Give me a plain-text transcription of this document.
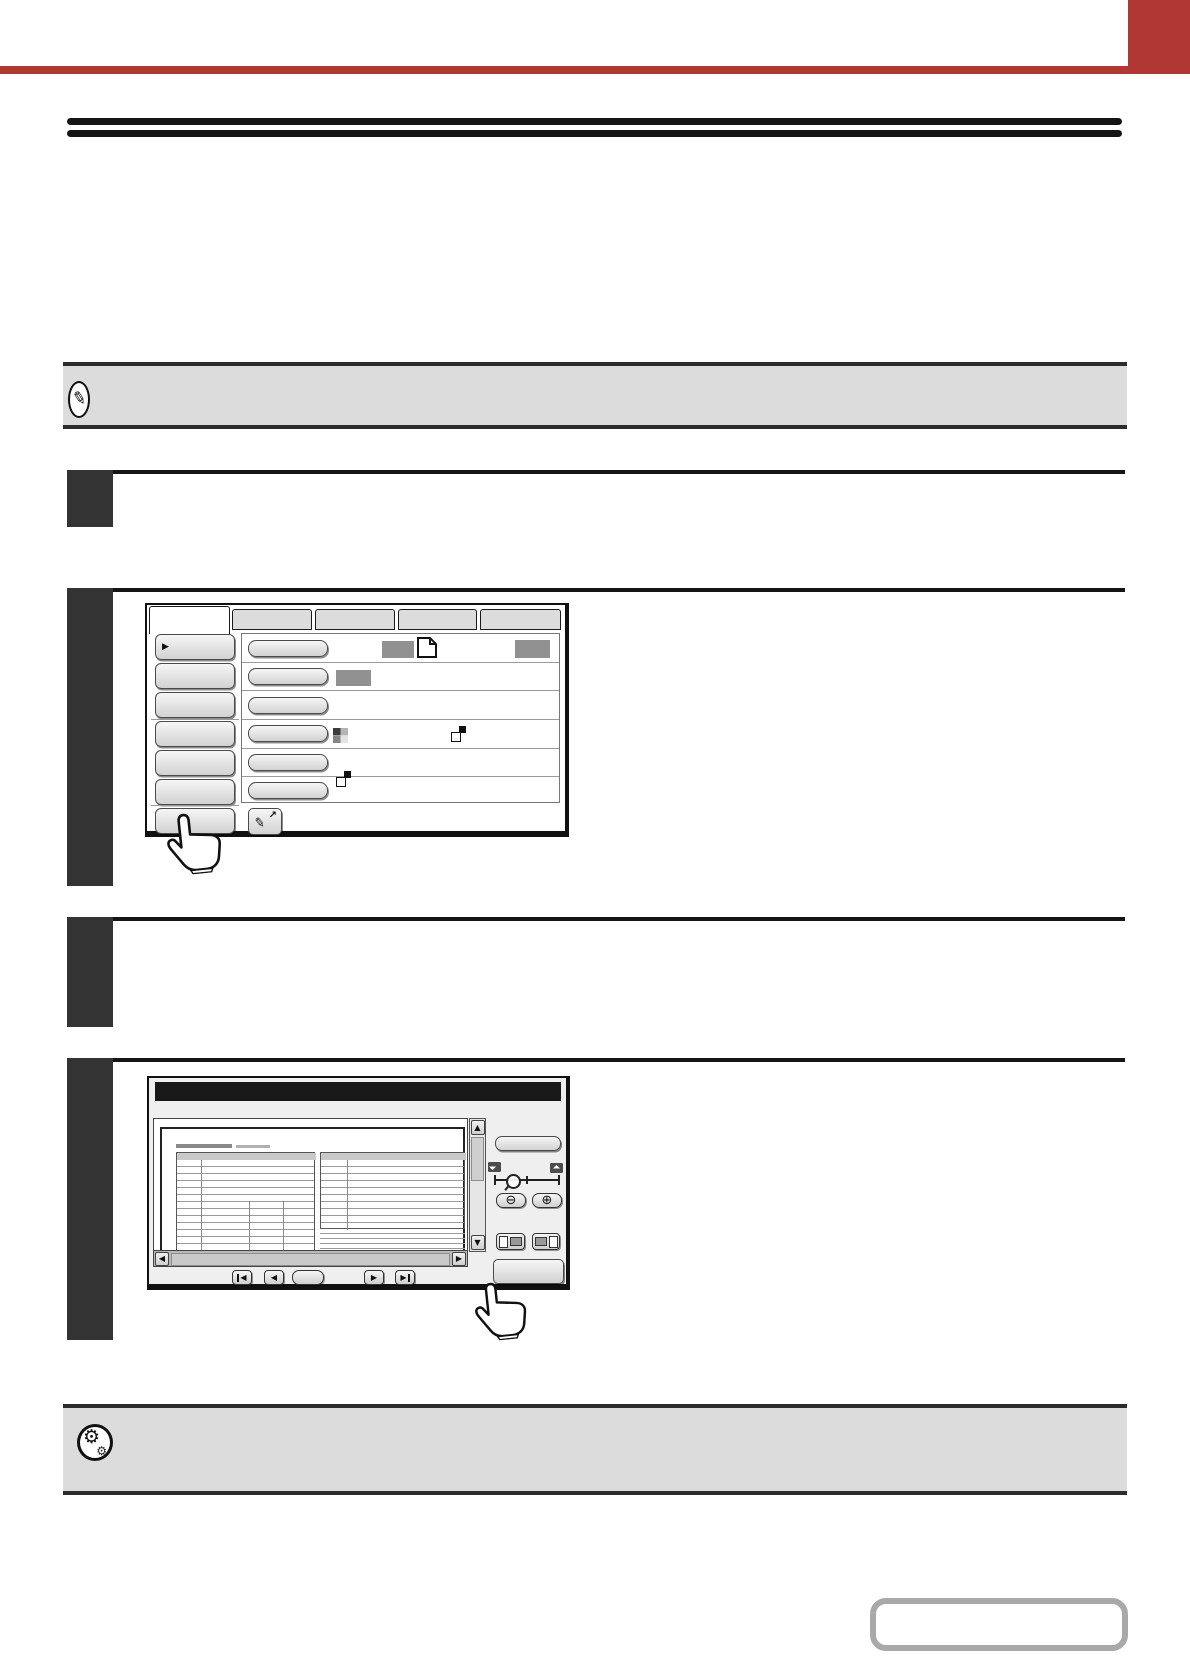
✎
▶
✎ ↗
◀	▶
▲
▼
◀	◀	▶	▶
⊖ ⊕
⚙
⚙
